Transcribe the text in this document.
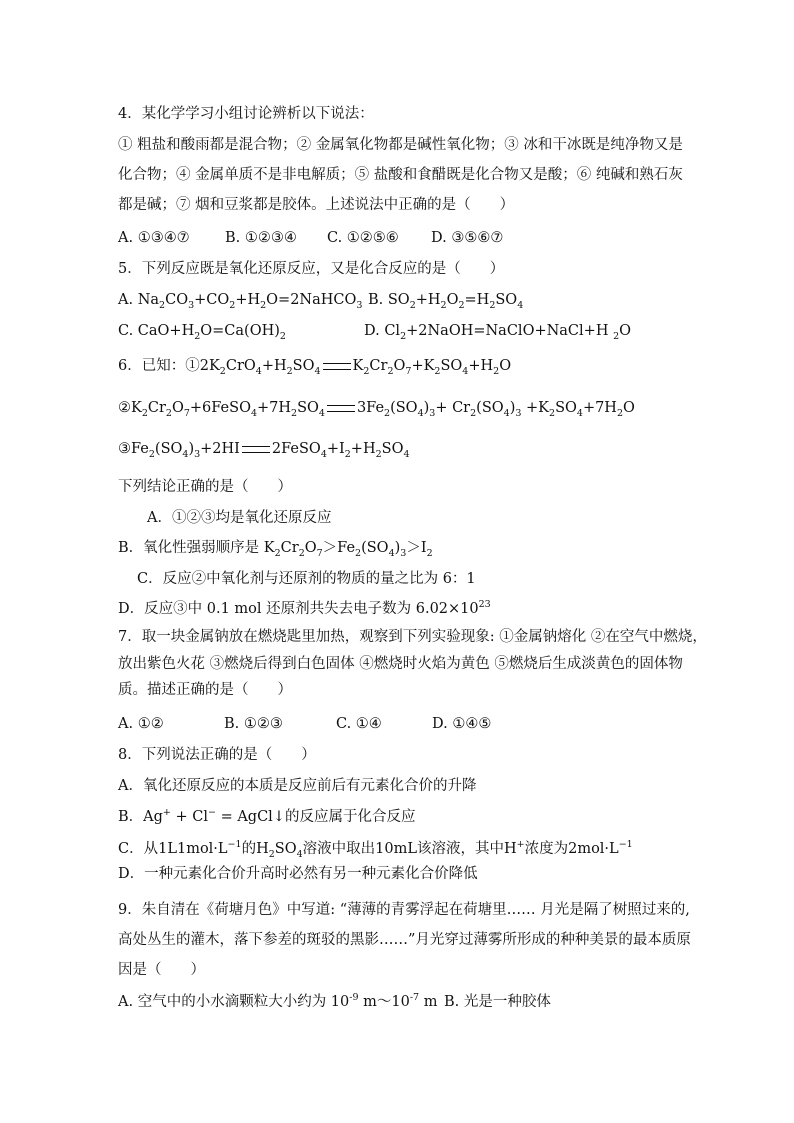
4．某化学学习小组讨论辨析以下说法：
① 粗盐和酸雨都是混合物；② 金属氧化物都是碱性氧化物；③ 冰和干冰既是纯净物又是
化合物；④ 金属单质不是非电解质；⑤ 盐酸和食醋既是化合物又是酸；⑥ 纯碱和熟石灰
都是碱；⑦ 烟和豆浆都是胶体。上述说法中正确的是（　　）
A. ①③④⑦ B. ①②③④ C. ①②⑤⑥ D. ③⑤⑥⑦
5．下列反应既是氧化还原反应，又是化合反应的是（　　）
A. $Na_2CO_3+CO_2+H_2O=2NaHCO_3$ B. $SO_2+H_2O_2=H_2SO_4$
C. $CaO+H_2O=Ca(OH)_2$	D. $Cl_2+2NaOH=NaClO+NaCl+H$ $_2$O
6．已知：$①2K_2CrO_4+H_2SO_4$ $K_2Cr_2O_7+K_2SO_4+H_2O$
$②K_2Cr_2O_7+6FeSO_4+7H_2SO_4$ $3Fe_2(SO_4)_3+ Cr_2(SO_4)_3 +K_2SO_4+7H_2O$
$③Fe_2(SO_4)_3+2HI$ $2FeSO_4+I_2+H_2SO_4$
下列结论正确的是（　　）
A．①②③均是氧化还原反应
B．氧化性强弱顺序是 $K_2Cr_2O_7>Fe_2(SO_4)_3>I_2$
C．反应②中氧化剂与还原剂的物质的量之比为 6：1
D．反应③中 0.1 mol 还原剂共失去电子数为 $6.02\times 10^{23}$
7．取一块金属钠放在燃烧匙里加热，观察到下列实验现象: ①金属钠熔化 ②在空气中燃烧，
放出紫色火花 ③燃烧后得到白色固体 ④燃烧时火焰为黄色 ⑤燃烧后生成淡黄色的固体物
质。描述正确的是（　　）
A. ①②	B. ①②③	C. ①④	D. ①④⑤
8．下列说法正确的是（　　）
A．氧化还原反应的本质是反应前后有元素化合价的升降
B．Ag+ + Cl− = AgCl↓的反应属于化合反应
C．从$1L1mol\cdot L^{-1}$的$H_2SO_4$溶液中取出10mL该溶液，其中H+浓度为$2mol\cdot L^{-1}$
D．一种元素化合价升高时必然有另一种元素化合价降低
9．朱自清在《荷塘月色》中写道: “薄薄的青雾浮起在荷塘里…… 月光是隔了树照过来的,
高处丛生的灌木，落下参差的斑驳的黑影……”月光穿过薄雾所形成的种种美景的最本质原
因是（　　）
A. 空气中的小水滴颗粒大小约为 $10^{-9}$ $m\sim 10^{-7}$ m B. 光是一种胶体
